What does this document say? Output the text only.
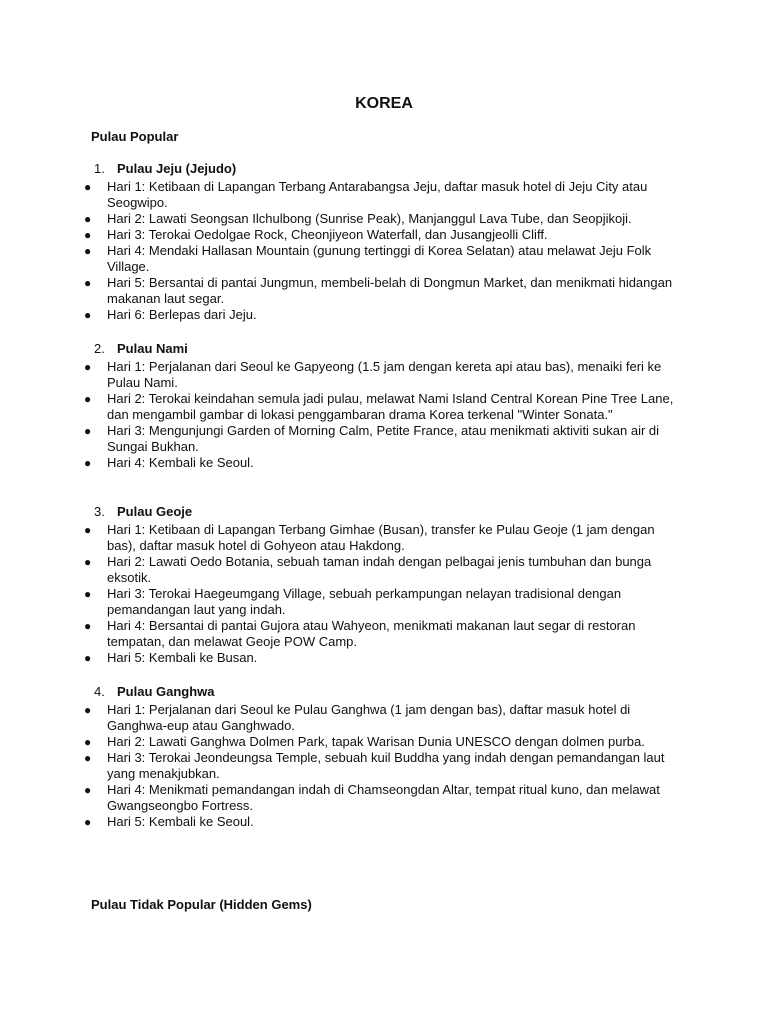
KOREA
Pulau Popular
1. Pulau Jeju (Jejudo)
● Hari 1: Ketibaan di Lapangan Terbang Antarabangsa Jeju, daftar masuk hotel di Jeju City atau Seogwipo.
● Hari 2: Lawati Seongsan Ilchulbong (Sunrise Peak), Manjanggul Lava Tube, dan Seopjikoji.
● Hari 3: Terokai Oedolgae Rock, Cheonjiyeon Waterfall, dan Jusangjeolli Cliff.
● Hari 4: Mendaki Hallasan Mountain (gunung tertinggi di Korea Selatan) atau melawat Jeju Folk Village.
● Hari 5: Bersantai di pantai Jungmun, membeli-belah di Dongmun Market, dan menikmati hidangan makanan laut segar.
● Hari 6: Berlepas dari Jeju.
2. Pulau Nami
● Hari 1: Perjalanan dari Seoul ke Gapyeong (1.5 jam dengan kereta api atau bas), menaiki feri ke Pulau Nami.
● Hari 2: Terokai keindahan semula jadi pulau, melawat Nami Island Central Korean Pine Tree Lane, dan mengambil gambar di lokasi penggambaran drama Korea terkenal "Winter Sonata."
● Hari 3: Mengunjungi Garden of Morning Calm, Petite France, atau menikmati aktiviti sukan air di Sungai Bukhan.
● Hari 4: Kembali ke Seoul.
3. Pulau Geoje
● Hari 1: Ketibaan di Lapangan Terbang Gimhae (Busan), transfer ke Pulau Geoje (1 jam dengan bas), daftar masuk hotel di Gohyeon atau Hakdong.
● Hari 2: Lawati Oedo Botania, sebuah taman indah dengan pelbagai jenis tumbuhan dan bunga eksotik.
● Hari 3: Terokai Haegeumgang Village, sebuah perkampungan nelayan tradisional dengan pemandangan laut yang indah.
● Hari 4: Bersantai di pantai Gujora atau Wahyeon, menikmati makanan laut segar di restoran tempatan, dan melawat Geoje POW Camp.
● Hari 5: Kembali ke Busan.
4. Pulau Ganghwa
● Hari 1: Perjalanan dari Seoul ke Pulau Ganghwa (1 jam dengan bas), daftar masuk hotel di Ganghwa-eup atau Ganghwado.
● Hari 2: Lawati Ganghwa Dolmen Park, tapak Warisan Dunia UNESCO dengan dolmen purba.
● Hari 3: Terokai Jeondeungsa Temple, sebuah kuil Buddha yang indah dengan pemandangan laut yang menakjubkan.
● Hari 4: Menikmati pemandangan indah di Chamseongdan Altar, tempat ritual kuno, dan melawat Gwangseongbo Fortress.
● Hari 5: Kembali ke Seoul.
Pulau Tidak Popular (Hidden Gems)
